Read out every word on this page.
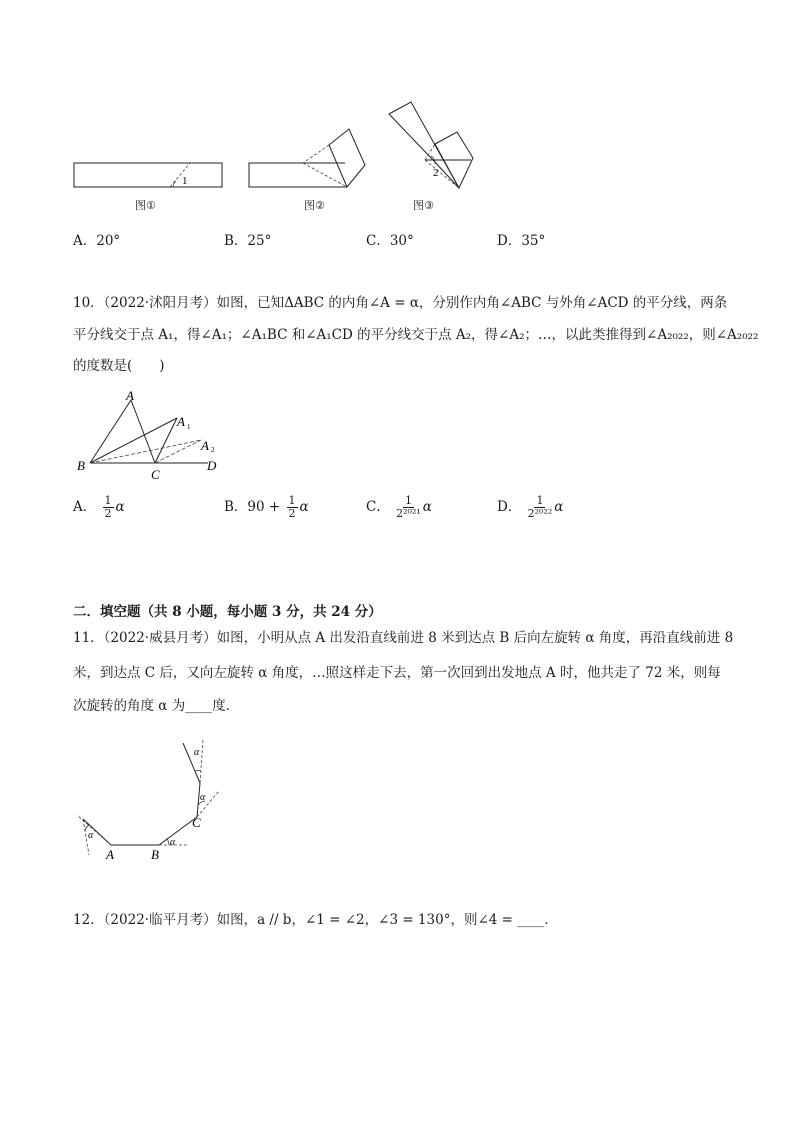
1
图①	图②
2
图③
A．20°	B．25°	C．30°	D．35°
10．（2022·沭阳月考）如图，已知ΔABC 的内角∠A = α，分别作内角∠ABC 与外角∠ACD 的平分线，两条
平分线交于点 A₁，得∠A₁；∠A₁BC 和∠A₁CD 的平分线交于点 A₂，得∠A₂；…，以此类推得到∠A₂₀₂₂，则∠A₂₀₂₂
的度数是(　　)
A
A 1
A 2
B
C
D
A． $\frac{1}{2}$ α	B．$90 + \frac{1}{2}$ α	C． $\frac{1}{\text{2²⁰²¹}}$ α	D． $\frac{1}{\text{2²⁰²²}}$ α
二．填空题（共 8 小题，每小题 3 分，共 24 分）
11．（2022·威县月考）如图，小明从点 A 出发沿直线前进 8 米到达点 B 后向左旋转 α 角度，再沿直线前进 8
米，到达点 C 后，又向左旋转 α 角度，…照这样走下去，第一次回到出发地点 A 时，他共走了 72 米，则每
次旋转的角度 α 为____度．
α
α
α
α
A	B
C
12．（2022·临平月考）如图，a // b，∠1 = ∠2，∠3 = 130°，则∠4 = ____．
